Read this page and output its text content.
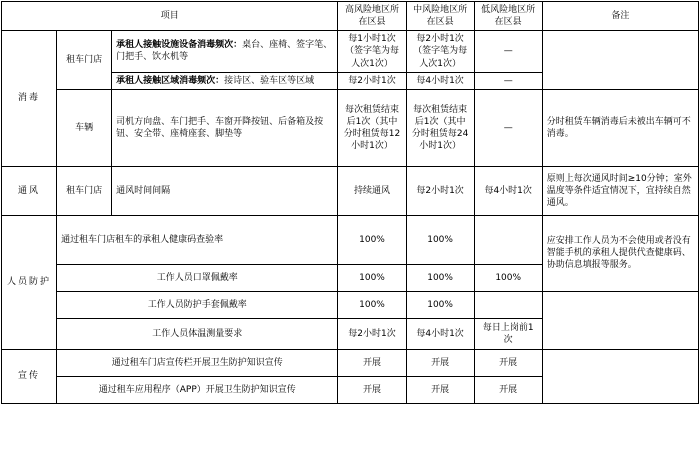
项目			高风险地区所在区县	中风险地区所在区县	低风险地区所在区县	备注
消毒	租车门店	承租人接触设施设备消毒频次：桌台、座椅、签字笔、门把手、饮水机等	每1小时1次（签字笔为每人次1次）	每2小时1次（签字笔为每人次1次）	—	
		承租人接触区域消毒频次：接诗区、验车区等区域	每2小时1次	每4小时1次	—	
	车辆	司机方向盘、车门把手、车窗开降按钮、后备箱及按钮、安全带、座椅座套、脚垫等	每次租赁结束后1次（其中分时租赁每12小时1次）	每次租赁结束后1次（其中分时租赁每24小时1次）	—	分时租赁车辆消毒后未被出车辆可不消毒。
通风	租车门店	通风时间间隔	持续通风	每2小时1次	每4小时1次	原则上每次通风时间≥10分钟；室外温度等条件适宜情况下，宜持续自然通风。
人员防护	通过租车门店租车的承租人健康码查验率		100%	100%		应安排工作人员为不会使用或者没有智能手机的承租人提供代查健康码、协助信息填报等服务。
	工作人员口罩佩戴率		100%	100%	100%	
	工作人员防护手套佩戴率		100%	100%		
	工作人员体温测量要求		每2小时1次	每4小时1次	每日上岗前1次	
宣传	通过租车门店宣传栏开展卫生防护知识宣传		开展	开展	开展	
	通过租车应用程序（APP）开展卫生防护知识宣传		开展	开展	开展	
